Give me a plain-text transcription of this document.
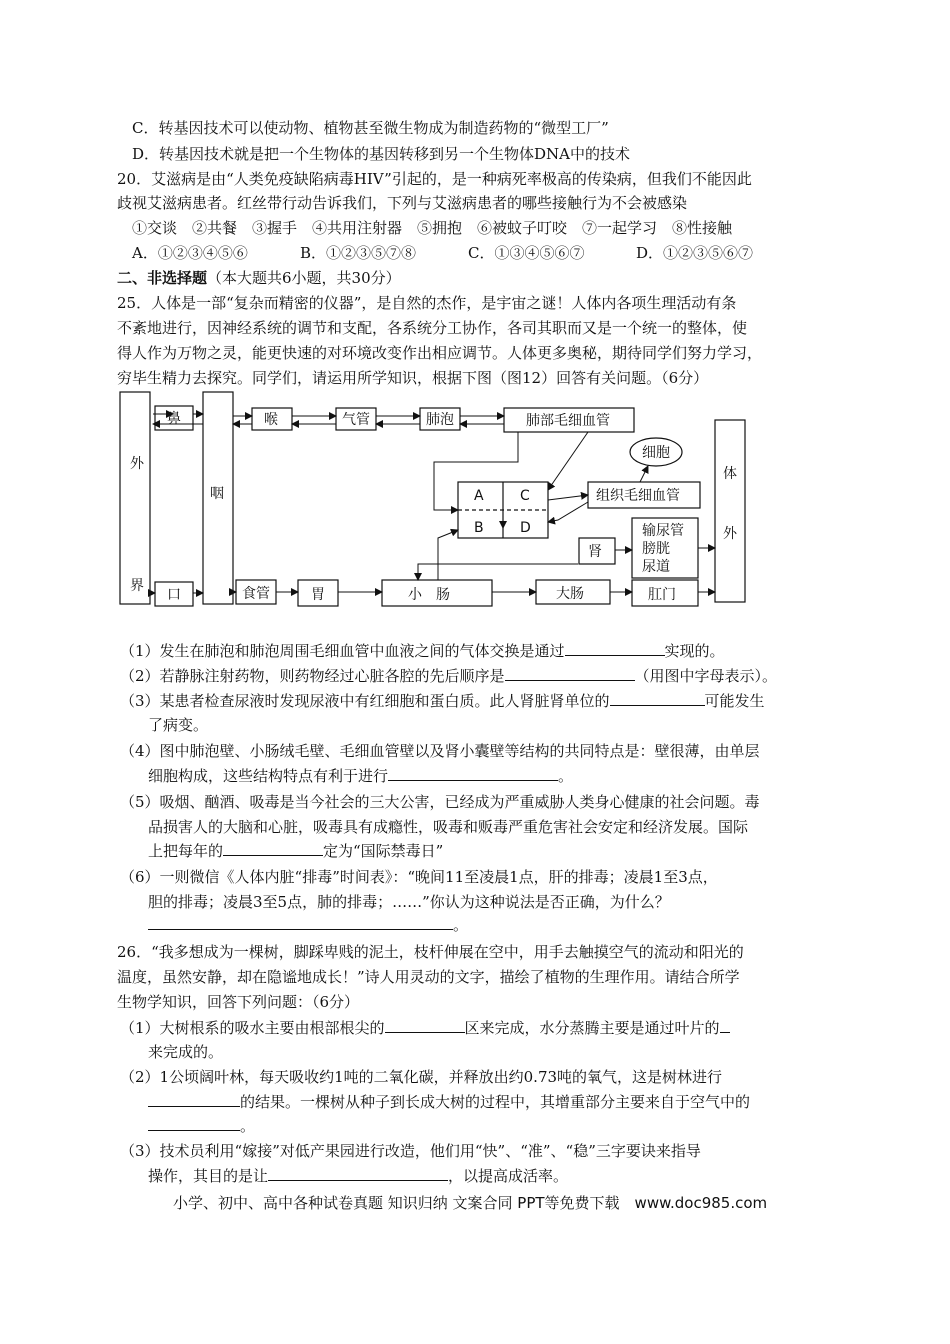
C．转基因技术可以使动物、植物甚至微生物成为制造药物的“微型工厂”
D．转基因技术就是把一个生物体的基因转移到另一个生物体DNA中的技术
20．艾滋病是由“人类免疫缺陷病毒HIV”引起的，是一种病死率极高的传染病，但我们不能因此
歧视艾滋病患者。红丝带行动告诉我们，下列与艾滋病患者的哪些接触行为不会被感染
①交谈　②共餐　③握手　④共用注射器　⑤拥抱　⑥被蚊子叮咬　⑦一起学习　⑧性接触
A．①②③④⑤⑥	B．①②③⑤⑦⑧	C．①③④⑤⑥⑦	D．①②③⑤⑥⑦
二、非选择题（本大题共6小题，共30分）
25．人体是一部“复杂而精密的仪器”，是自然的杰作，是宇宙之谜！人体内各项生理活动有条
不紊地进行，因神经系统的调节和支配，各系统分工协作，各司其职而又是一个统一的整体，使
得人作为万物之灵，能更快速的对环境改变作出相应调节。人体更多奥秘，期待同学们努力学习，
穷毕生精力去探究。同学们，请运用所学知识，根据下图（图12）回答有关问题。（6分）
外
界
咽
体
外
鼻	喉	气管	肺泡	肺部毛细血管
细胞
组织毛细血管
A
B
C
D
肾
输尿管
膀胱
尿道
口	食管	胃	小　肠	大肠	肛门
（1）发生在肺泡和肺泡周围毛细血管中血液之间的气体交换是通过	实现的。
（2）若静脉注射药物，则药物经过心脏各腔的先后顺序是	（用图中字母表示）。
（3）某患者检查尿液时发现尿液中有红细胞和蛋白质。此人肾脏肾单位的	可能发生
了病变。
（4）图中肺泡壁、小肠绒毛壁、毛细血管壁以及肾小囊壁等结构的共同特点是：壁很薄，由单层
细胞构成，这些结构特点有利于进行	。
（5）吸烟、酗酒、吸毒是当今社会的三大公害，已经成为严重威胁人类身心健康的社会问题。毒
品损害人的大脑和心脏，吸毒具有成瘾性，吸毒和贩毒严重危害社会安定和经济发展。国际
上把每年的	定为“国际禁毒日”
（6）一则微信《人体内脏“排毒”时间表》：“晚间11至凌晨1点，肝的排毒；凌晨1至3点，
胆的排毒；凌晨3至5点，肺的排毒；……”你认为这种说法是否正确，为什么？
。
26．“我多想成为一棵树，脚踩卑贱的泥土，枝杆伸展在空中，用手去触摸空气的流动和阳光的
温度，虽然安静，却在隐谧地成长！”诗人用灵动的文字，描绘了植物的生理作用。请结合所学
生物学知识，回答下列问题：（6分）
（1）大树根系的吸水主要由根部根尖的	区来完成，水分蒸腾主要是通过叶片的
来完成的。
（2）1公顷阔叶林，每天吸收约1吨的二氧化碳，并释放出约0.73吨的氧气，这是树林进行
的结果。一棵树从种子到长成大树的过程中，其增重部分主要来自于空气中的
。
（3）技术员利用“嫁接”对低产果园进行改造，他们用“快”、“准”、“稳”三字要诀来指导
操作，其目的是让	，以提高成活率。
小学、初中、高中各种试卷真题 知识归纳 文案合同 PPT等免费下载　www.doc985.com
